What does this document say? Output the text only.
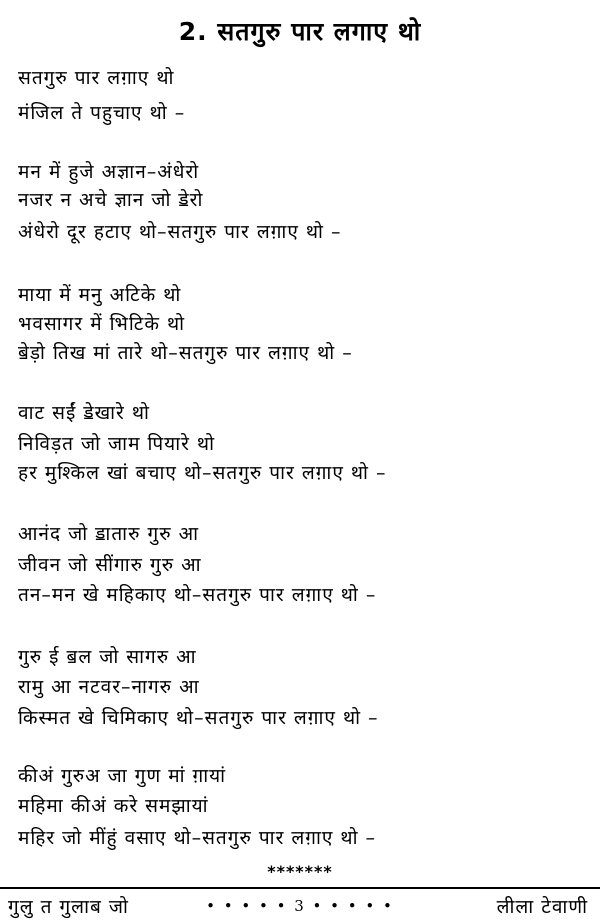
2. सतगुरु पार लगाए थो
सतगुरु पार लग़ाए थो
मंजिल ते पहुचाए थो –
मन में हुजे अज्ञान–अंधेरो
नजर न अचे ज्ञान जो ॾेरो
अंधेरो दूर हटाए थो–सतगुरु पार लग़ाए थो –
माया में मनु अटिके थो
भवसागर में भिटिके थो
ॿेड़ो तिख मां तारे थो–सतगुरु पार लग़ाए थो –
वाट सईं ॾेखारे थो
निविड़त जो जाम पियारे थो
हर मुश्किल खां बचाए थो–सतगुरु पार लग़ाए थो –
आनंद जो ॾातारु गुरु आ
जीवन जो सींगारु गुरु आ
तन–मन खे महिकाए थो–सतगुरु पार लग़ाए थो –
गुरु ई ॿल जो सागरु आ
रामु आ नटवर–नागरु आ
किस्मत खे चिमिकाए थो–सतगुरु पार लग़ाए थो –
कीअं गुरुअ जा गुण मां ग़ायां
महिमा कीअं करे समझायां
महिर जो मींहुं वसाए थो–सतगुरु पार लग़ाए थो –
*******
गुलु त गुलाब जो	• • • • • 3 • • • • •	लीला टेवाणी
